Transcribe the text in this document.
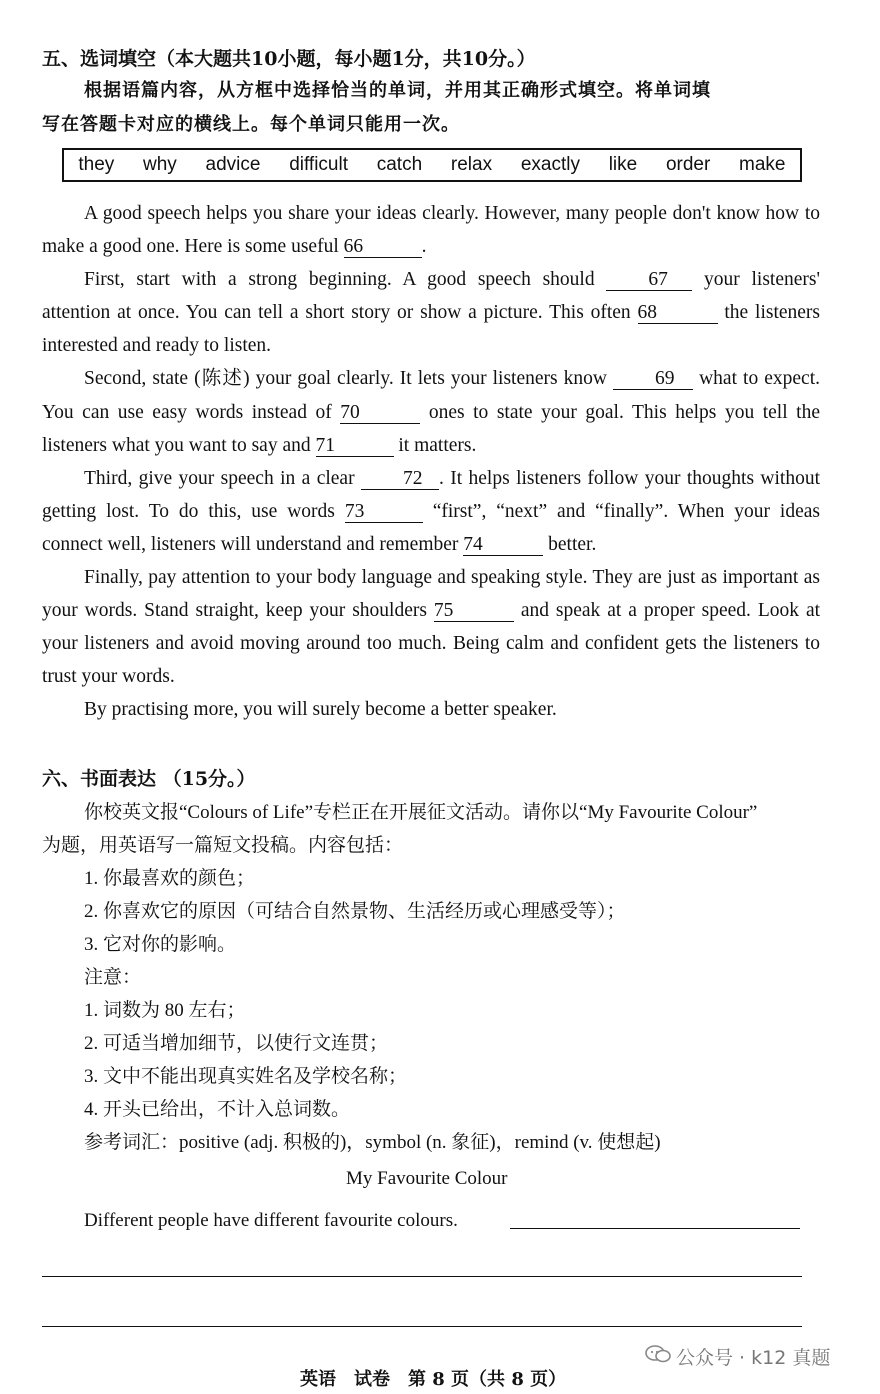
五、选词填空（本大题共10小题，每小题1分，共10分。）
根据语篇内容，从方框中选择恰当的单词，并用其正确形式填空。将单词填
写在答题卡对应的横线上。每个单词只能用一次。
they why advice difficult catch relax exactly like order make
A good speech helps you share your ideas clearly. However, many people don't know how to
make a good one. Here is some useful 66	.
First, start with a strong beginning. A good speech should	67 your listeners'
attention at once. You can tell a short story or show a picture. This often 68	the listeners
interested and ready to listen.
Second, state (陈述) your goal clearly. It lets your listeners know 69 what to expect.
You can use easy words instead of 70	ones to state your goal. This helps you tell the
listeners what you want to say and 71	it matters.
Third, give your speech in a clear 72 . It helps listeners follow your thoughts without
getting lost. To do this, use words 73	“first”, “next” and “finally”. When your ideas
connect well, listeners will understand and remember 74	better.
Finally, pay attention to your body language and speaking style. They are just as important as
your words. Stand straight, keep your shoulders 75	and speak at a proper speed. Look at
your listeners and avoid moving around too much. Being calm and confident gets the listeners to
trust your words.
By practising more, you will surely become a better speaker.
六、书面表达 （15分。）
你校英文报“Colours of Life”专栏正在开展征文活动。请你以“My Favourite Colour”
为题，用英语写一篇短文投稿。内容包括：
1. 你最喜欢的颜色；
2. 你喜欢它的原因（可结合自然景物、生活经历或心理感受等）；
3. 它对你的影响。
注意：
1. 词数为 80 左右；
2. 可适当增加细节，以使行文连贯；
3. 文中不能出现真实姓名及学校名称；
4. 开头已给出，不计入总词数。
参考词汇：positive (adj. 积极的)，symbol (n. 象征)，remind (v. 使想起)
My Favourite Colour
Different people have different favourite colours.
英语　试卷　第 8 页（共 8 页）
公众号 · k12 真题
